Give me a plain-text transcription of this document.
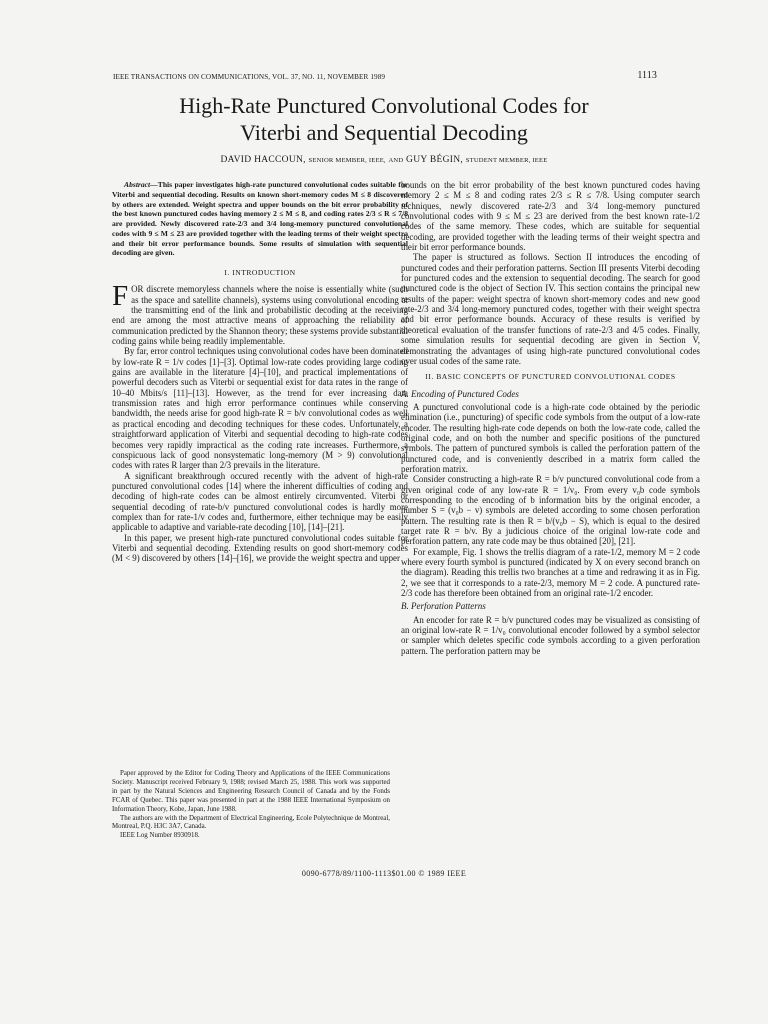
IEEE TRANSACTIONS ON COMMUNICATIONS, VOL. 37, NO. 11, NOVEMBER 1989	1113
High-Rate Punctured Convolutional Codes for
Viterbi and Sequential Decoding
DAVID HACCOUN, SENIOR MEMBER, IEEE, AND GUY BÉGIN, STUDENT MEMBER, IEEE
Abstract—This paper investigates high-rate punctured convolutional codes suitable for Viterbi and sequential decoding. Results on known short-memory codes M ≤ 8 discovered by others are extended. Weight spectra and upper bounds on the bit error probability of the best known punctured codes having memory 2 ≤ M ≤ 8, and coding rates 2/3 ≤ R ≤ 7/8 are provided. Newly discovered rate-2/3 and 3/4 long-memory punctured convolutional codes with 9 ≤ M ≤ 23 are provided together with the leading terms of their weight spectra and their bit error performance bounds. Some results of simulation with sequential decoding are given.
I. INTRODUCTION

FOR discrete memoryless channels where the noise is essentially white (such as the space and satellite channels), systems using convolutional encoding at the transmitting end of the link and probabilistic decoding at the receiving end are among the most attractive means of approaching the reliability of communication predicted by the Shannon theory; these systems provide substantial coding gains while being readily implementable.

By far, error control techniques using convolutional codes have been dominated by low-rate R = 1/v codes [1]–[3]. Optimal low-rate codes providing large coding gains are available in the literature [4]–[10], and practical implementations of powerful decoders such as Viterbi or sequential exist for data rates in the range of 10–40 Mbits/s [11]–[13]. However, as the trend for ever increasing data transmission rates and high error performance continues while conserving bandwidth, the needs arise for good high-rate R = b/v convolutional codes as well as practical encoding and decoding techniques for these codes. Unfortunately, a straightforward application of Viterbi and sequential decoding to high-rate codes becomes very rapidly impractical as the coding rate increases. Furthermore, a conspicuous lack of good nonsystematic long-memory (M > 9) convolutional codes with rates R larger than 2/3 prevails in the literature.

A significant breakthrough occured recently with the advent of high-rate punctured convolutional codes [14] where the inherent difficulties of coding and decoding of high-rate codes can be almost entirely circumvented. Viterbi or sequential decoding of rate-b/v punctured convolutional codes is hardly more complex than for rate-1/v codes and, furthermore, either technique may be easily applicable to adaptive and variable-rate decoding [10], [14]–[21].

In this paper, we present high-rate punctured convolutional codes suitable for Viterbi and sequential decoding. Extending results on good short-memory codes (M < 9) discovered by others [14]–[16], we provide the weight spectra and upper

Paper approved by the Editor for Coding Theory and Applications of the IEEE Communications Society. Manuscript received February 9, 1988; revised March 25, 1988. This work was supported in part by the Natural Sciences and Engineering Research Council of Canada and by the Fonds FCAR of Quebec. This paper was presented in part at the 1988 IEEE International Symposium on Information Theory, Kobe, Japan, June 1988.

The authors are with the Department of Electrical Engineering, Ecole Polytechnique de Montreal, Montreal, P.Q. H3C 3A7, Canada.

IEEE Log Number 8930918.

bounds on the bit error probability of the best known punctured codes having memory 2 ≤ M ≤ 8 and coding rates 2/3 ≤ R ≤ 7/8. Using computer search techniques, newly discovered rate-2/3 and 3/4 long-memory punctured convolutional codes with 9 ≤ M ≤ 23 are derived from the best known rate-1/2 codes of the same memory. These codes, which are suitable for sequential decoding, are provided together with the leading terms of their weight spectra and their bit error performance bounds.

The paper is structured as follows. Section II introduces the encoding of punctured codes and their perforation patterns. Section III presents Viterbi decoding for punctured codes and the extension to sequential decoding. The search for good punctured code is the object of Section IV. This section contains the principal new results of the paper: weight spectra of known short-memory codes and new good rate-2/3 and 3/4 long-memory punctured codes, together with their weight spectra and bit error performance bounds. Accuracy of these results is verified by theoretical evaluation of the transfer functions of rate-2/3 and 4/5 codes. Finally, some simulation results for sequential decoding are given in Section V, demonstrating the advantages of using high-rate punctured convolutional codes over usual codes of the same rate.

II. BASIC CONCEPTS OF PUNCTURED CONVOLUTIONAL CODES
A. Encoding of Punctured Codes

A punctured convolutional code is a high-rate code obtained by the periodic elimination (i.e., puncturing) of specific code symbols from the output of a low-rate encoder. The resulting high-rate code depends on both the low-rate code, called the original code, and on both the number and specific positions of the punctured symbols. The pattern of punctured symbols is called the perforation pattern of the punctured code, and is conveniently described in a matrix form called the perforation matrix.

Consider constructing a high-rate R = b/v punctured convolutional code from a given original code of any low-rate R = 1/v₀. From every v₀b code symbols corresponding to the encoding of b information bits by the original encoder, a number S = (v₀b − v) symbols are deleted according to some chosen perforation pattern. The resulting rate is then R = b/(v₀b − S), which is equal to the desired target rate R = b/v. By a judicious choice of the original low-rate code and perforation pattern, any rate code may be thus obtained [20], [21].

For example, Fig. 1 shows the trellis diagram of a rate-1/2, memory M = 2 code where every fourth symbol is punctured (indicated by X on every second branch on the diagram). Reading this trellis two branches at a time and redrawing it as in Fig. 2, we see that it corresponds to a rate-2/3, memory M = 2 code. A punctured rate-2/3 code has therefore been obtained from an original rate-1/2 encoder.

B. Perforation Patterns

An encoder for rate R = b/v punctured codes may be visualized as consisting of an original low-rate R = 1/v₀ convolutional encoder followed by a symbol selector or sampler which deletes specific code symbols according to a given perforation pattern. The perforation pattern may be

0090-6778/89/1100-1113$01.00 © 1989 IEEE
